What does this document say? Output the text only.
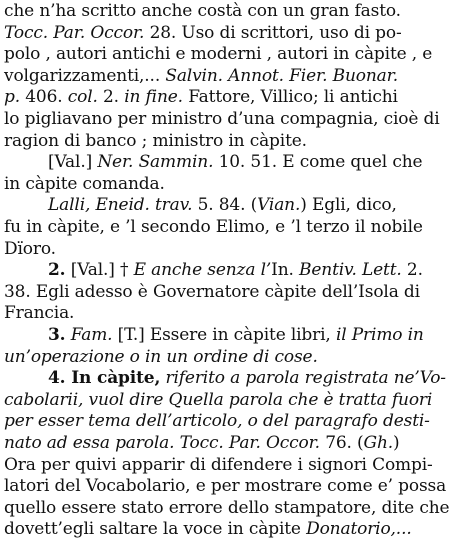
che n’ha scritto anche costà con un gran fasto.
Tocc. Par. Occor. 28. Uso di scrittori, uso di po-
polo , autori antichi e moderni , autori in càpite , e
volgarizzamenti,... Salvin. Annot. Fier. Buonar.
p. 406. col. 2. in fine. Fattore, Villico; li antichi
lo pigliavano per ministro d’una compagnia, cioè di
ragion di banco ; ministro in càpite.
[Val.] Ner. Sammin. 10. 51. E come quel che
in càpite comanda.
Lalli, Eneid. trav. 5. 84. (Vian.) Egli, dico,
fu in càpite, e ’l secondo Elimo, e ’l terzo il nobile
Dïoro.
2. [Val.] † E anche senza l’In. Bentiv. Lett. 2.
38. Egli adesso è Governatore càpite dell’Isola di
Francia.
3. Fam. [T.] Essere in càpite libri, il Primo in
un’operazione o in un ordine di cose.
4. In càpite, riferito a parola registrata ne’Vo-
cabolarii, vuol dire Quella parola che è tratta fuori
per esser tema dell’articolo, o del paragrafo desti-
nato ad essa parola. Tocc. Par. Occor. 76. (Gh.)
Ora per quivi apparir di difendere i signori Compi-
latori del Vocabolario, e per mostrare come e’ possa
quello essere stato errore dello stampatore, dite che
dovett’egli saltare la voce in càpite Donatorio,...
